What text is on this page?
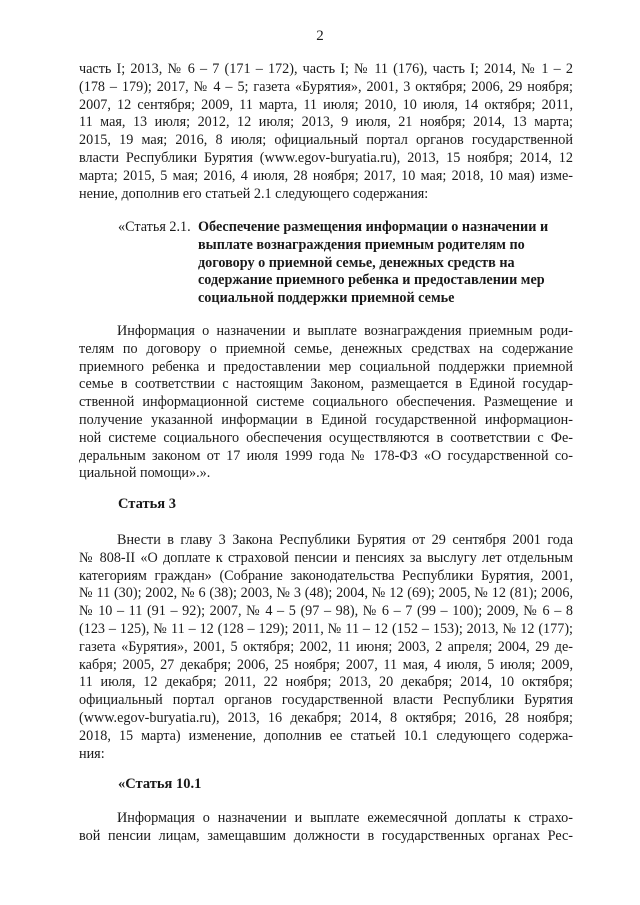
2
часть I; 2013, № 6 – 7 (171 – 172), часть I; № 11 (176), часть I; 2014, № 1 – 2
(178 – 179); 2017, № 4 – 5; газета «Бурятия», 2001, 3 октября; 2006, 29 ноября;
2007, 12 сентября; 2009, 11 марта, 11 июля; 2010, 10 июля, 14 октября; 2011,
11 мая, 13 июля; 2012, 12 июля; 2013, 9 июля, 21 ноября; 2014, 13 марта;
2015, 19 мая; 2016, 8 июля; официальный портал органов государственной
власти Республики Бурятия (www.egov-buryatia.ru), 2013, 15 ноября; 2014, 12
марта; 2015, 5 мая; 2016, 4 июля, 28 ноября; 2017, 10 мая; 2018, 10 мая) изме-
нение, дополнив его статьей 2.1 следующего содержания:
«Статья 2.1. Обеспечение размещения информации о назначении и
выплате вознаграждения приемным родителям по
договору о приемной семье, денежных средств на
содержание приемного ребенка и предоставлении мер
социальной поддержки приемной семье
Информация о назначении и выплате вознаграждения приемным роди-
телям по договору о приемной семье, денежных средствах на содержание
приемного ребенка и предоставлении мер социальной поддержки приемной
семье в соответствии с настоящим Законом, размещается в Единой государ-
ственной информационной системе социального обеспечения. Размещение и
получение указанной информации в Единой государственной информацион-
ной системе социального обеспечения осуществляются в соответствии с Фе-
деральным законом от 17 июля 1999 года № 178-ФЗ «О государственной со-
циальной помощи».».
Статья 3
Внести в главу 3 Закона Республики Бурятия от 29 сентября 2001 года
№ 808-II «О доплате к страховой пенсии и пенсиях за выслугу лет отдельным
категориям граждан» (Собрание законодательства Республики Бурятия, 2001,
№ 11 (30); 2002, № 6 (38); 2003, № 3 (48); 2004, № 12 (69); 2005, № 12 (81); 2006,
№ 10 – 11 (91 – 92); 2007, № 4 – 5 (97 – 98), № 6 – 7 (99 – 100); 2009, № 6 – 8
(123 – 125), № 11 – 12 (128 – 129); 2011, № 11 – 12 (152 – 153); 2013, № 12 (177);
газета «Бурятия», 2001, 5 октября; 2002, 11 июня; 2003, 2 апреля; 2004, 29 де-
кабря; 2005, 27 декабря; 2006, 25 ноября; 2007, 11 мая, 4 июля, 5 июля; 2009,
11 июля, 12 декабря; 2011, 22 ноября; 2013, 20 декабря; 2014, 10 октября;
официальный портал органов государственной власти Республики Бурятия
(www.egov-buryatia.ru), 2013, 16 декабря; 2014, 8 октября; 2016, 28 ноября;
2018, 15 марта) изменение, дополнив ее статьей 10.1 следующего содержа-
ния:
«Статья 10.1
Информация о назначении и выплате ежемесячной доплаты к страхо-
вой пенсии лицам, замещавшим должности в государственных органах Рес-
